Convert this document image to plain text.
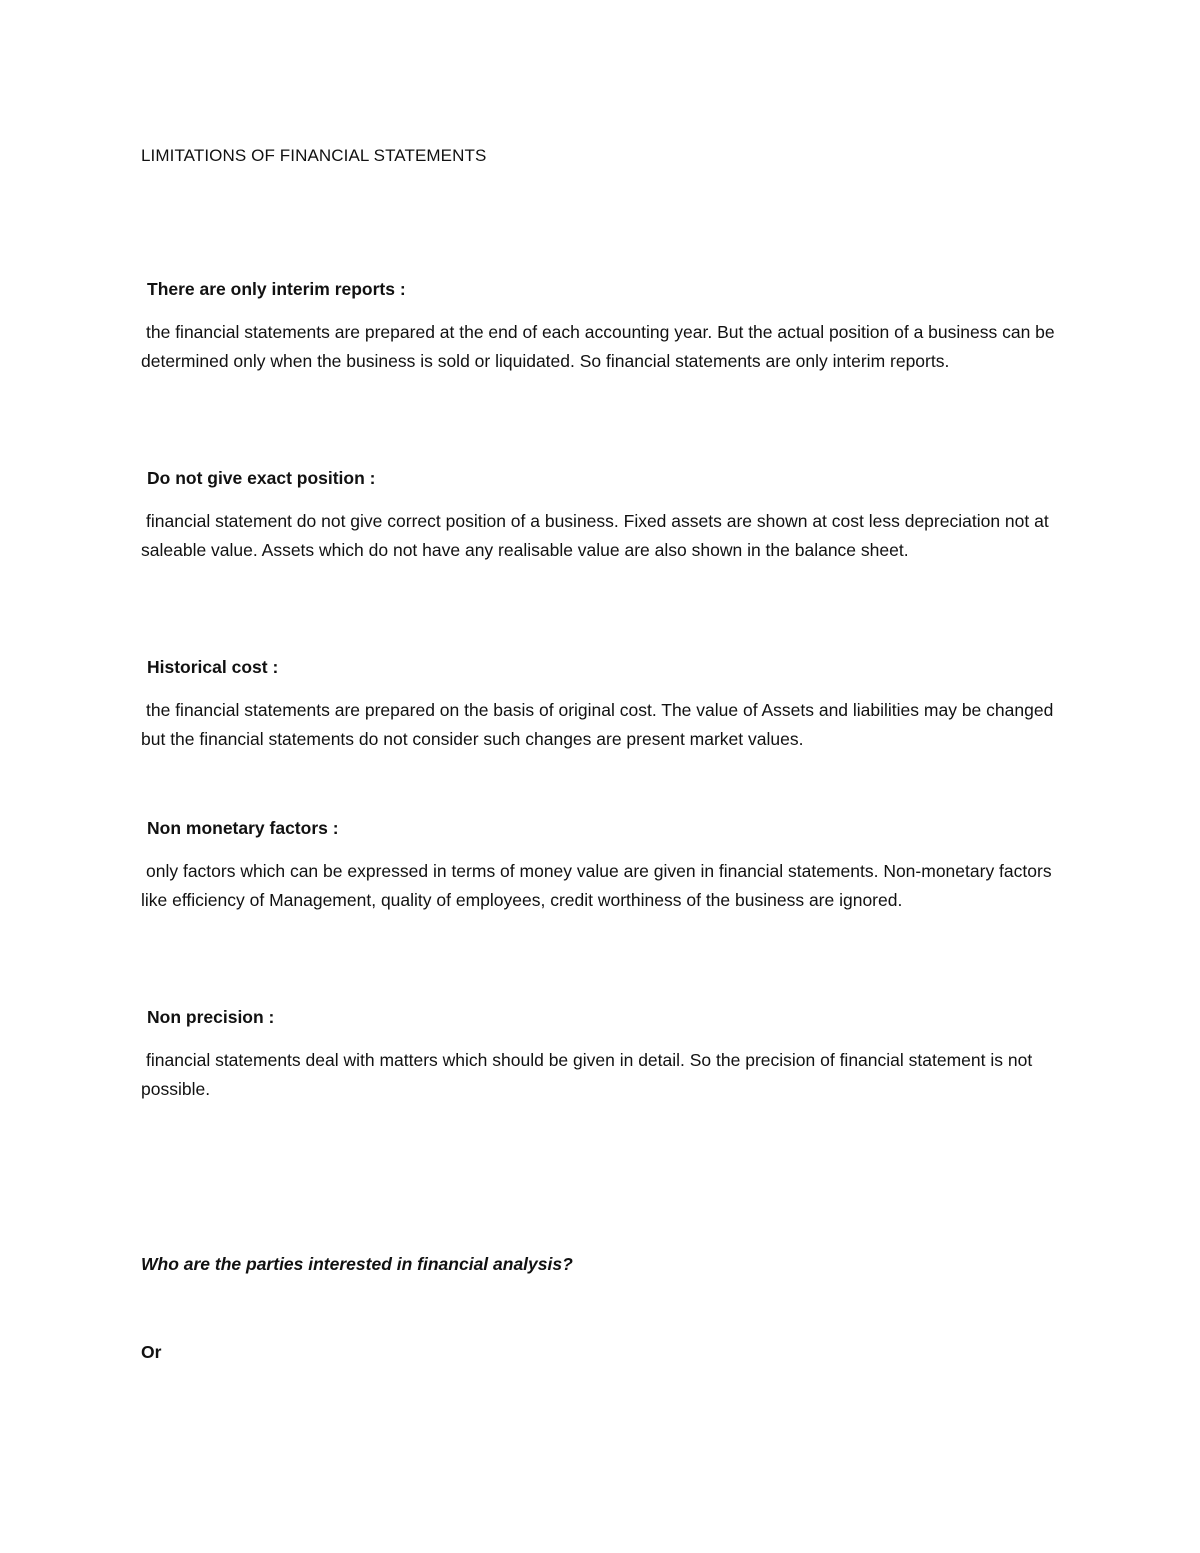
LIMITATIONS OF FINANCIAL STATEMENTS
There are only interim reports :
the financial statements are prepared at the end of each accounting year. But the actual position of a business can be determined only when the business is sold or liquidated. So financial statements are only interim reports.
Do not give exact position :
financial statement do not give correct position of a business. Fixed assets are shown at cost less depreciation not at saleable value. Assets which do not have any realisable value are also shown in the balance sheet.
Historical cost :
the financial statements are prepared on the basis of original cost. The value of Assets and liabilities may be changed but the financial statements do not consider such changes are present market values.
Non monetary factors :
only factors which can be expressed in terms of money value are given in financial statements. Non-monetary factors like efficiency of Management, quality of employees, credit worthiness of the business are ignored.
Non precision :
financial statements deal with matters which should be given in detail. So the precision of financial statement is not possible.
Who are the parties interested in financial analysis?
Or
